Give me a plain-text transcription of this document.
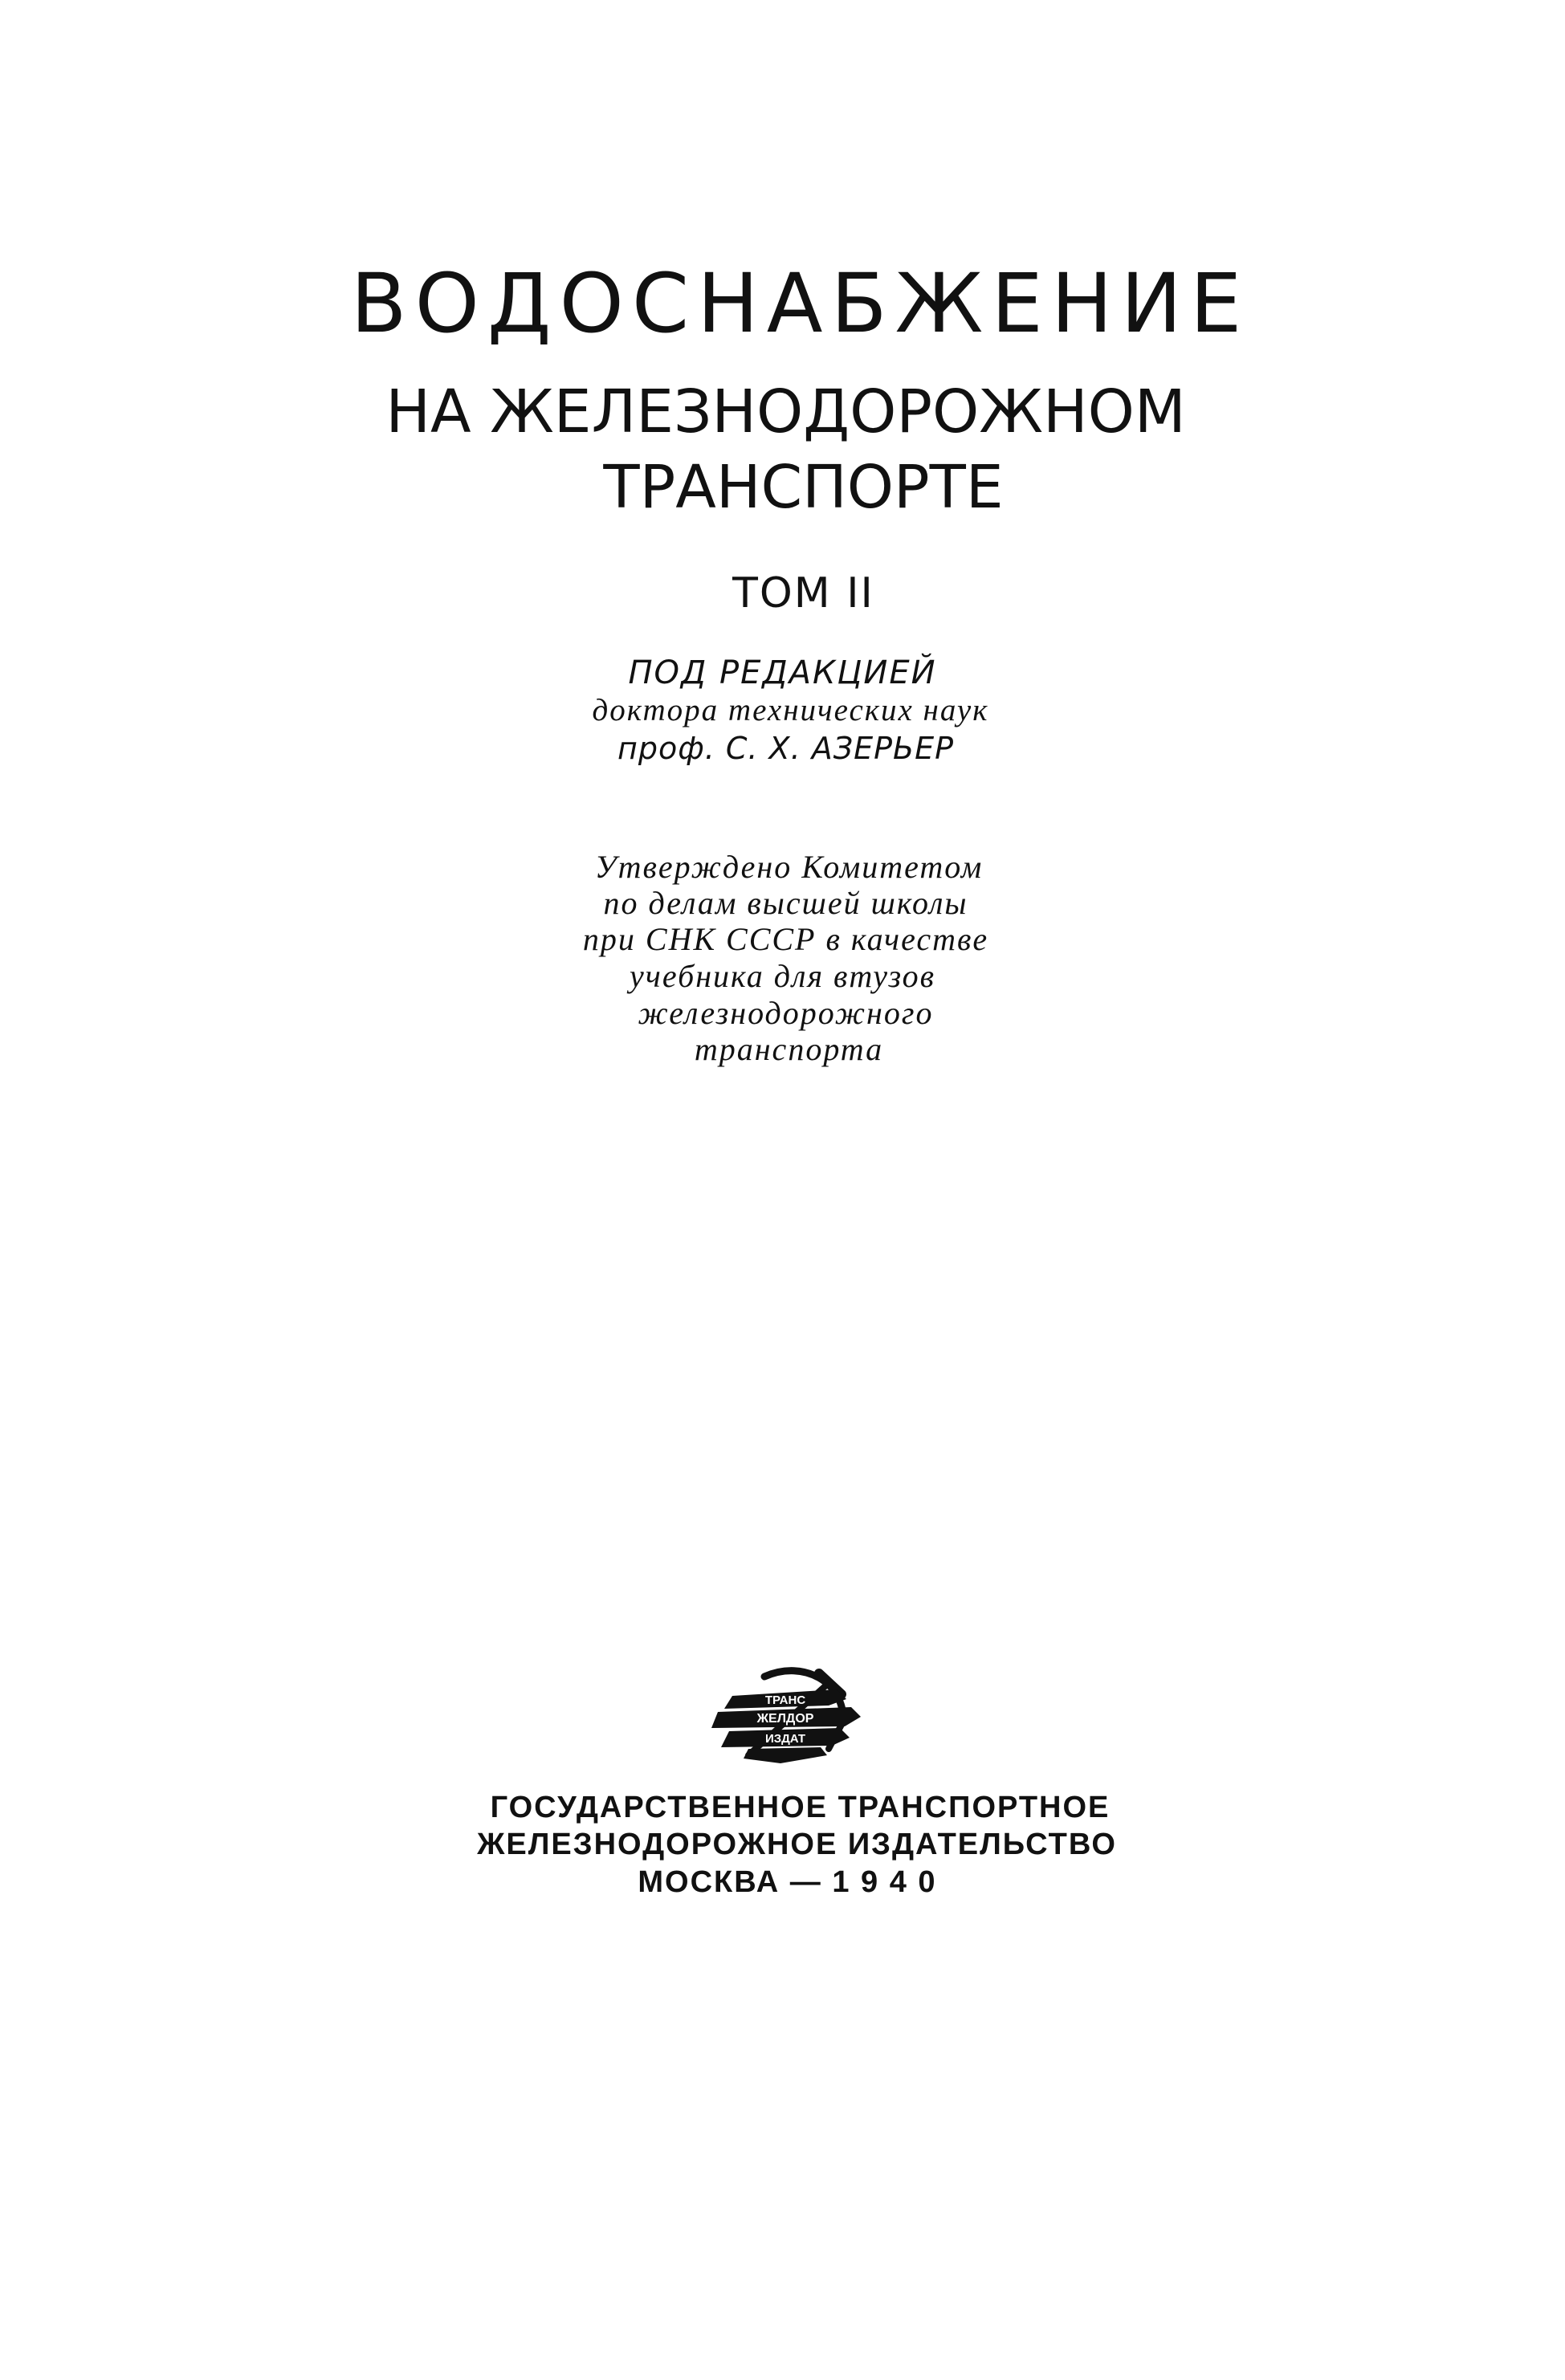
ВОДОСНАБЖЕНИЕ
НА ЖЕЛЕЗНОДОРОЖНОМ
ТРАНСПОРТЕ
ТОМ II
ПОД РЕДАКЦИЕЙ
доктора технических наук
проф. С. Х. АЗЕРЬЕР
Утверждено Комитетом
по делам высшей школы
при СНК СССР в качестве
учебника для втузов
железнодорожного
транспорта
ТРАНС
ЖЕЛДОР
ИЗДАТ
ГОСУДАРСТВЕННОЕ ТРАНСПОРТНОЕ
ЖЕЛЕЗНОДОРОЖНОЕ ИЗДАТЕЛЬСТВО
МОСКВА — 1 9 4 0
